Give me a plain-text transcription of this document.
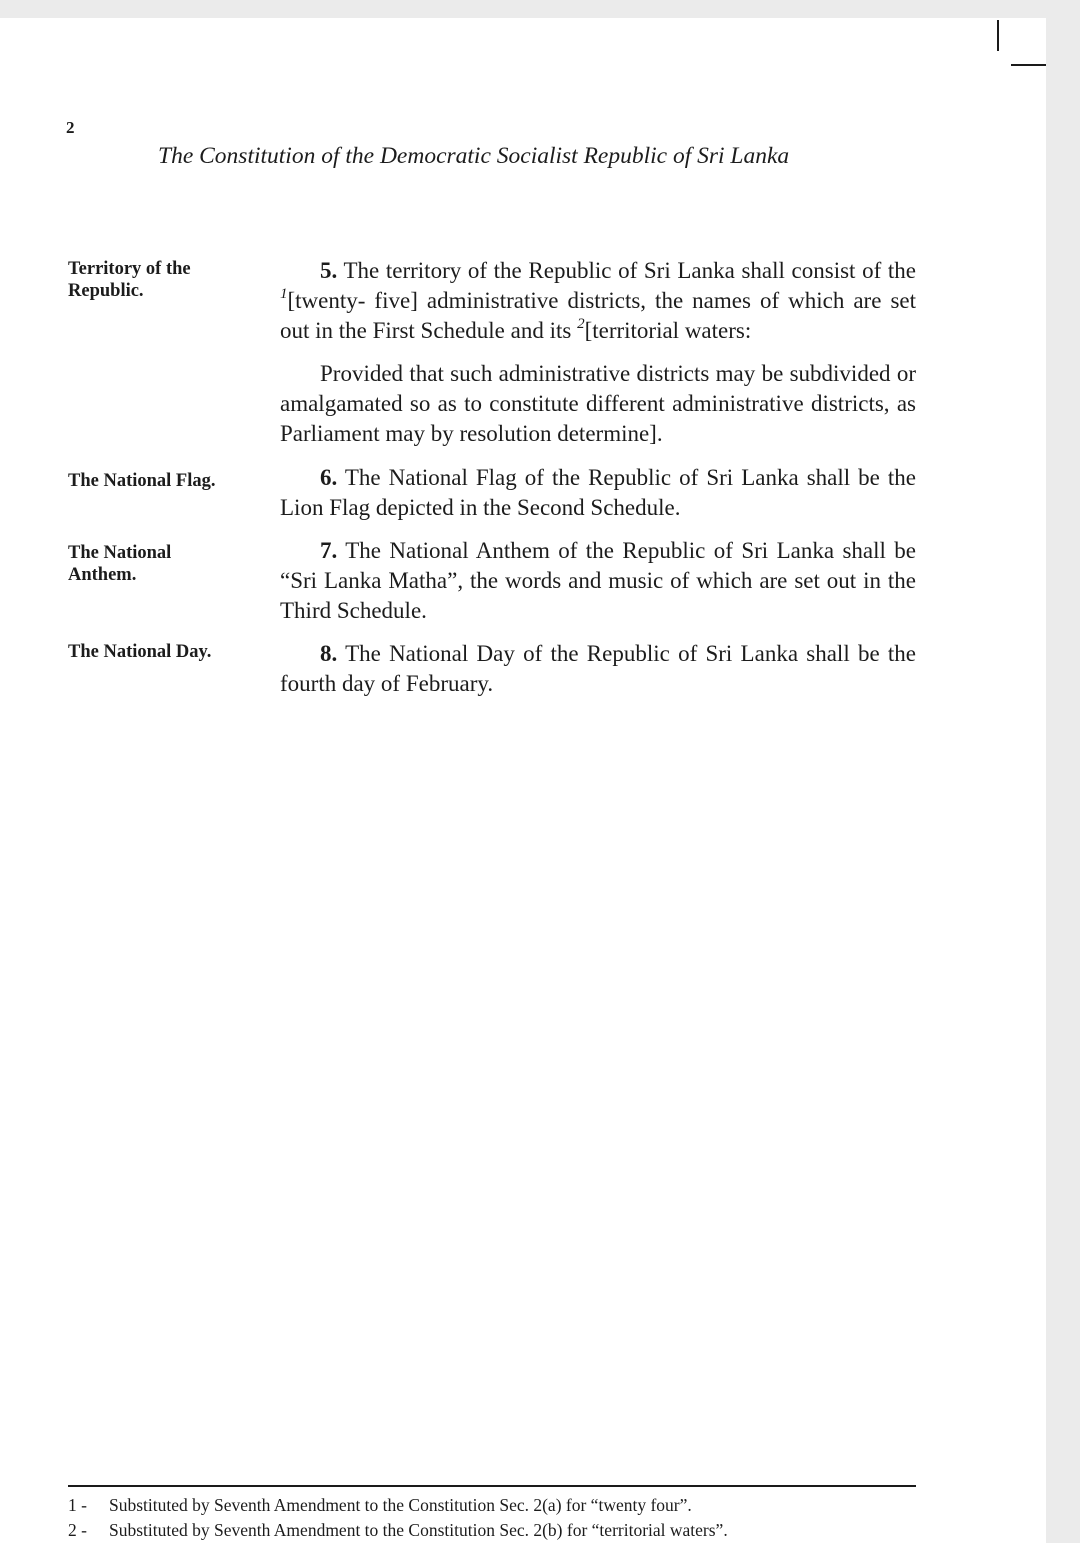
2
The Constitution of the Democratic Socialist Republic of Sri Lanka
Territory of the Republic.

5. The territory of the Republic of Sri Lanka shall consist of the $^1$[twenty- five] administrative districts, the names of which are set out in the First Schedule and its $^2$[territorial waters:

Provided that such administrative districts may be subdivided or amalgamated so as to constitute different administrative districts, as Parliament may by resolution determine].

The National Flag.	6. The National Flag of the Republic of Sri Lanka shall be the Lion Flag depicted in the Second Schedule.

The National Anthem.

7. The National Anthem of the Republic of Sri Lanka shall be “Sri Lanka Matha”, the words and music of which are set out in the Third Schedule.

The National Day.	8. The National Day of the Republic of Sri Lanka shall be the fourth day of February.

1 - Substituted by Seventh Amendment to the Constitution Sec. 2(a) for “twenty four”.
2 - Substituted by Seventh Amendment to the Constitution Sec. 2(b) for “territorial waters”.
